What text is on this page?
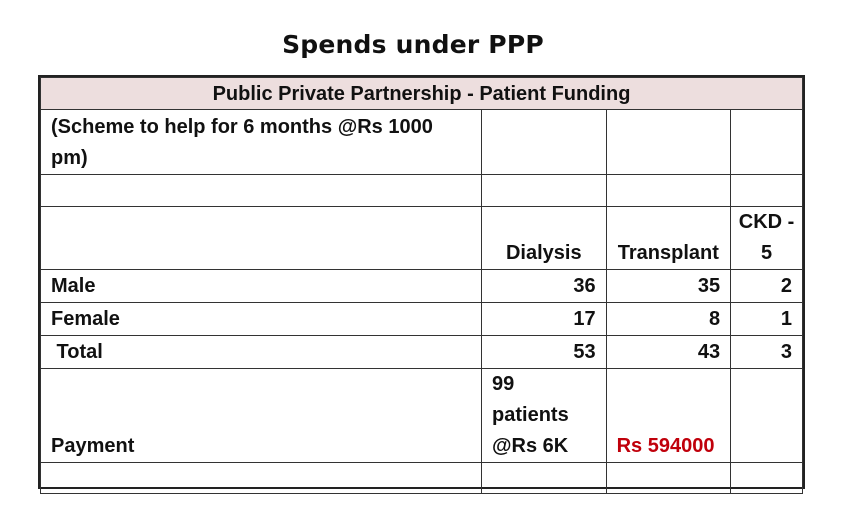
Spends under PPP
Public Private Partnership - Patient Funding			
(Scheme to help for 6 months @Rs 1000 pm)			

	Dialysis	Transplant	CKD - 5
Male	36	35	2
Female	17	8	1
Total	53	43	3
Payment	99 patients @Rs 6K	Rs 594000	
